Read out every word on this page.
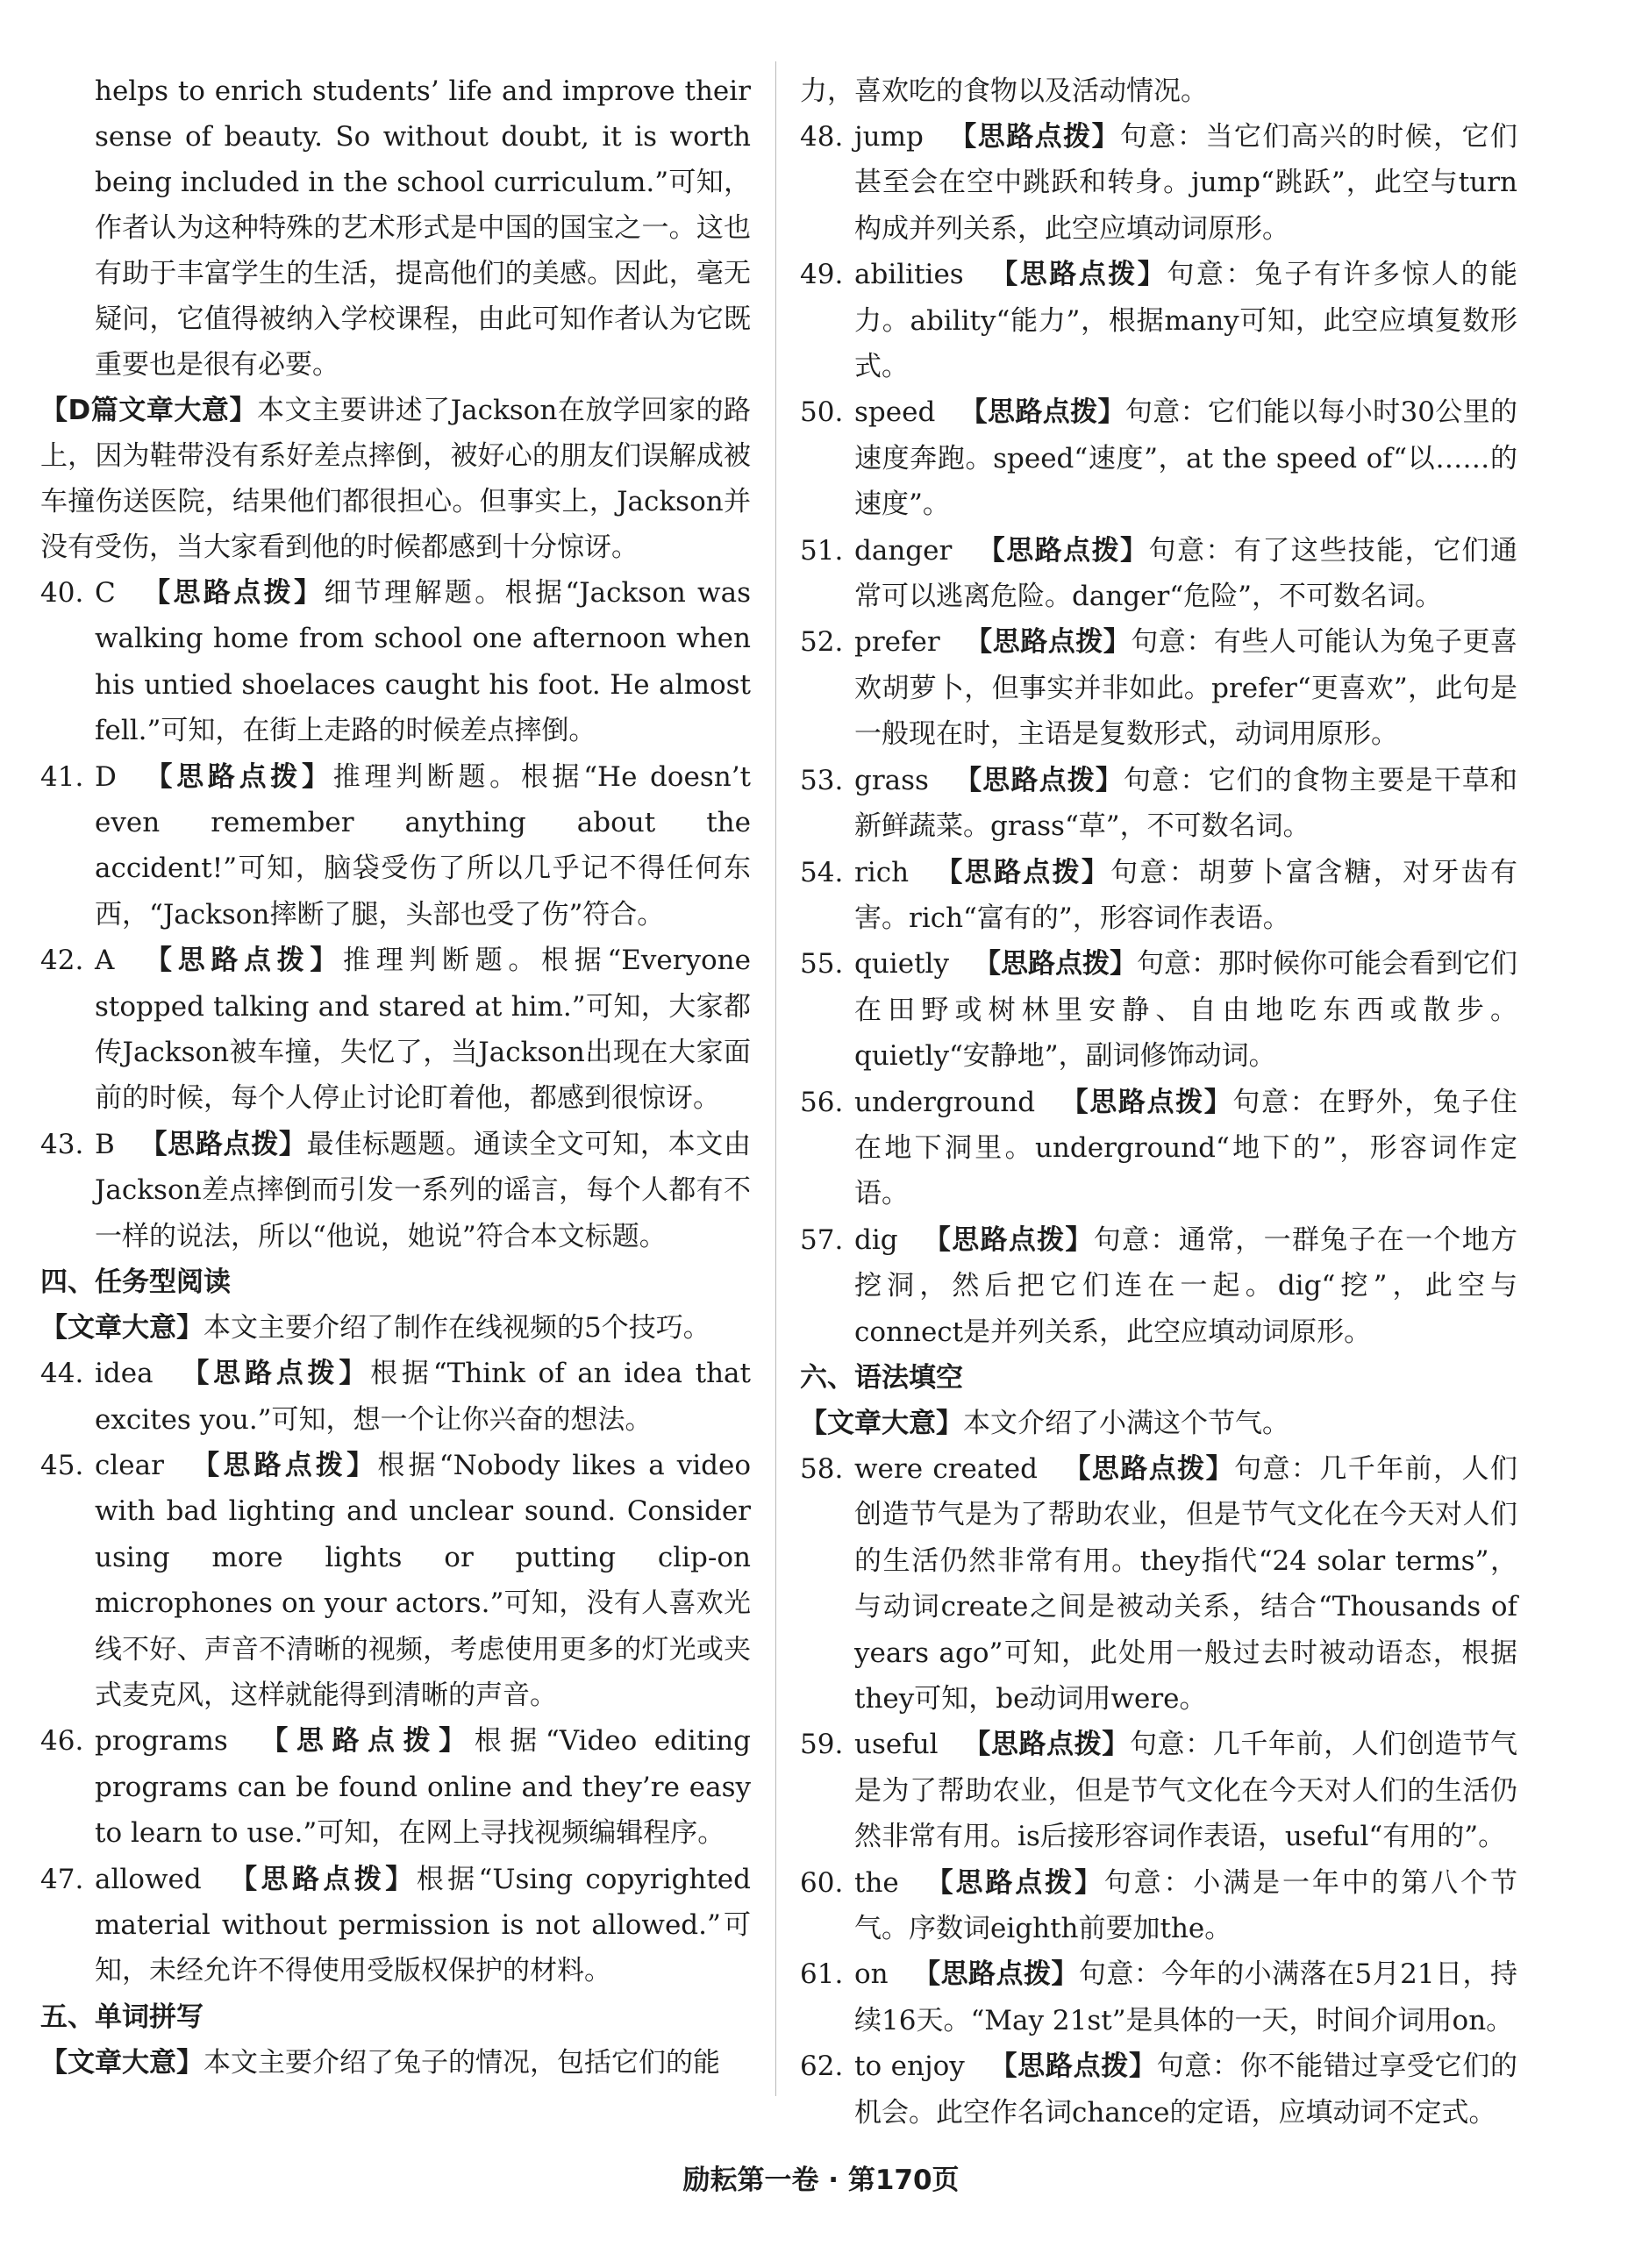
helps to enrich students’ life and improve their sense of beauty. So without doubt, it is worth being included in the school curriculum.”可知，作者认为这种特殊的艺术形式是中国的国宝之一。这也有助于丰富学生的生活，提高他们的美感。因此，毫无疑问，它值得被纳入学校课程，由此可知作者认为它既重要也是很有必要。

【D篇文章大意】本文主要讲述了Jackson在放学回家的路上，因为鞋带没有系好差点摔倒，被好心的朋友们误解成被车撞伤送医院，结果他们都很担心。但事实上，Jackson并没有受伤，当大家看到他的时候都感到十分惊讶。

40. C 【思路点拨】细节理解题。根据“Jackson was walking home from school one afternoon when his untied shoelaces caught his foot. He almost fell.”可知，在街上走路的时候差点摔倒。

41. D 【思路点拨】推理判断题。根据“He doesn’t even remember anything about the accident!”可知，脑袋受伤了所以几乎记不得任何东西，“Jackson摔断了腿，头部也受了伤”符合。

42. A 【思路点拨】推理判断题。根据“Everyone stopped talking and stared at him.”可知，大家都传Jackson被车撞，失忆了，当Jackson出现在大家面前的时候，每个人停止讨论盯着他，都感到很惊讶。

43. B 【思路点拨】最佳标题题。通读全文可知，本文由Jackson差点摔倒而引发一系列的谣言，每个人都有不一样的说法，所以“他说，她说”符合本文标题。

四、任务型阅读

【文章大意】本文主要介绍了制作在线视频的5个技巧。

44. idea 【思路点拨】根据“Think of an idea that excites you.”可知，想一个让你兴奋的想法。

45. clear 【思路点拨】根据“Nobody likes a video with bad lighting and unclear sound. Consider using more lights or putting clip-on microphones on your actors.”可知，没有人喜欢光线不好、声音不清晰的视频，考虑使用更多的灯光或夹式麦克风，这样就能得到清晰的声音。

46. programs 【思路点拨】根据“Video editing programs can be found online and they’re easy to learn to use.”可知，在网上寻找视频编辑程序。

47. allowed 【思路点拨】根据“Using copyrighted material without permission is not allowed.”可知，未经允许不得使用受版权保护的材料。

五、单词拼写

【文章大意】本文主要介绍了兔子的情况，包括它们的能

力，喜欢吃的食物以及活动情况。

48. jump 【思路点拨】句意：当它们高兴的时候，它们甚至会在空中跳跃和转身。jump“跳跃”，此空与turn构成并列关系，此空应填动词原形。

49. abilities 【思路点拨】句意：兔子有许多惊人的能力。ability“能力”，根据many可知，此空应填复数形式。

50. speed 【思路点拨】句意：它们能以每小时30公里的速度奔跑。speed“速度”，at the speed of“以……的速度”。

51. danger 【思路点拨】句意：有了这些技能，它们通常可以逃离危险。danger“危险”，不可数名词。

52. prefer 【思路点拨】句意：有些人可能认为兔子更喜欢胡萝卜，但事实并非如此。prefer“更喜欢”，此句是一般现在时，主语是复数形式，动词用原形。

53. grass 【思路点拨】句意：它们的食物主要是干草和新鲜蔬菜。grass“草”，不可数名词。

54. rich 【思路点拨】句意：胡萝卜富含糖，对牙齿有害。rich“富有的”，形容词作表语。

55. quietly 【思路点拨】句意：那时候你可能会看到它们在田野或树林里安静、自由地吃东西或散步。quietly“安静地”，副词修饰动词。

56. underground 【思路点拨】句意：在野外，兔子住在地下洞里。underground“地下的”，形容词作定语。

57. dig 【思路点拨】句意：通常，一群兔子在一个地方挖洞，然后把它们连在一起。dig“挖”，此空与connect是并列关系，此空应填动词原形。

六、语法填空

【文章大意】本文介绍了小满这个节气。

58. were created 【思路点拨】句意：几千年前，人们创造节气是为了帮助农业，但是节气文化在今天对人们的生活仍然非常有用。they指代“24 solar terms”，与动词create之间是被动关系，结合“Thousands of years ago”可知，此处用一般过去时被动语态，根据they可知，be动词用were。

59. useful 【思路点拨】句意：几千年前，人们创造节气是为了帮助农业，但是节气文化在今天对人们的生活仍然非常有用。is后接形容词作表语，useful“有用的”。

60. the 【思路点拨】句意：小满是一年中的第八个节气。序数词eighth前要加the。

61. on 【思路点拨】句意：今年的小满落在5月21日，持续16天。“May 21st”是具体的一天，时间介词用on。

62. to enjoy 【思路点拨】句意：你不能错过享受它们的机会。此空作名词chance的定语，应填动词不定式。

励耘第一卷 · 第170页
